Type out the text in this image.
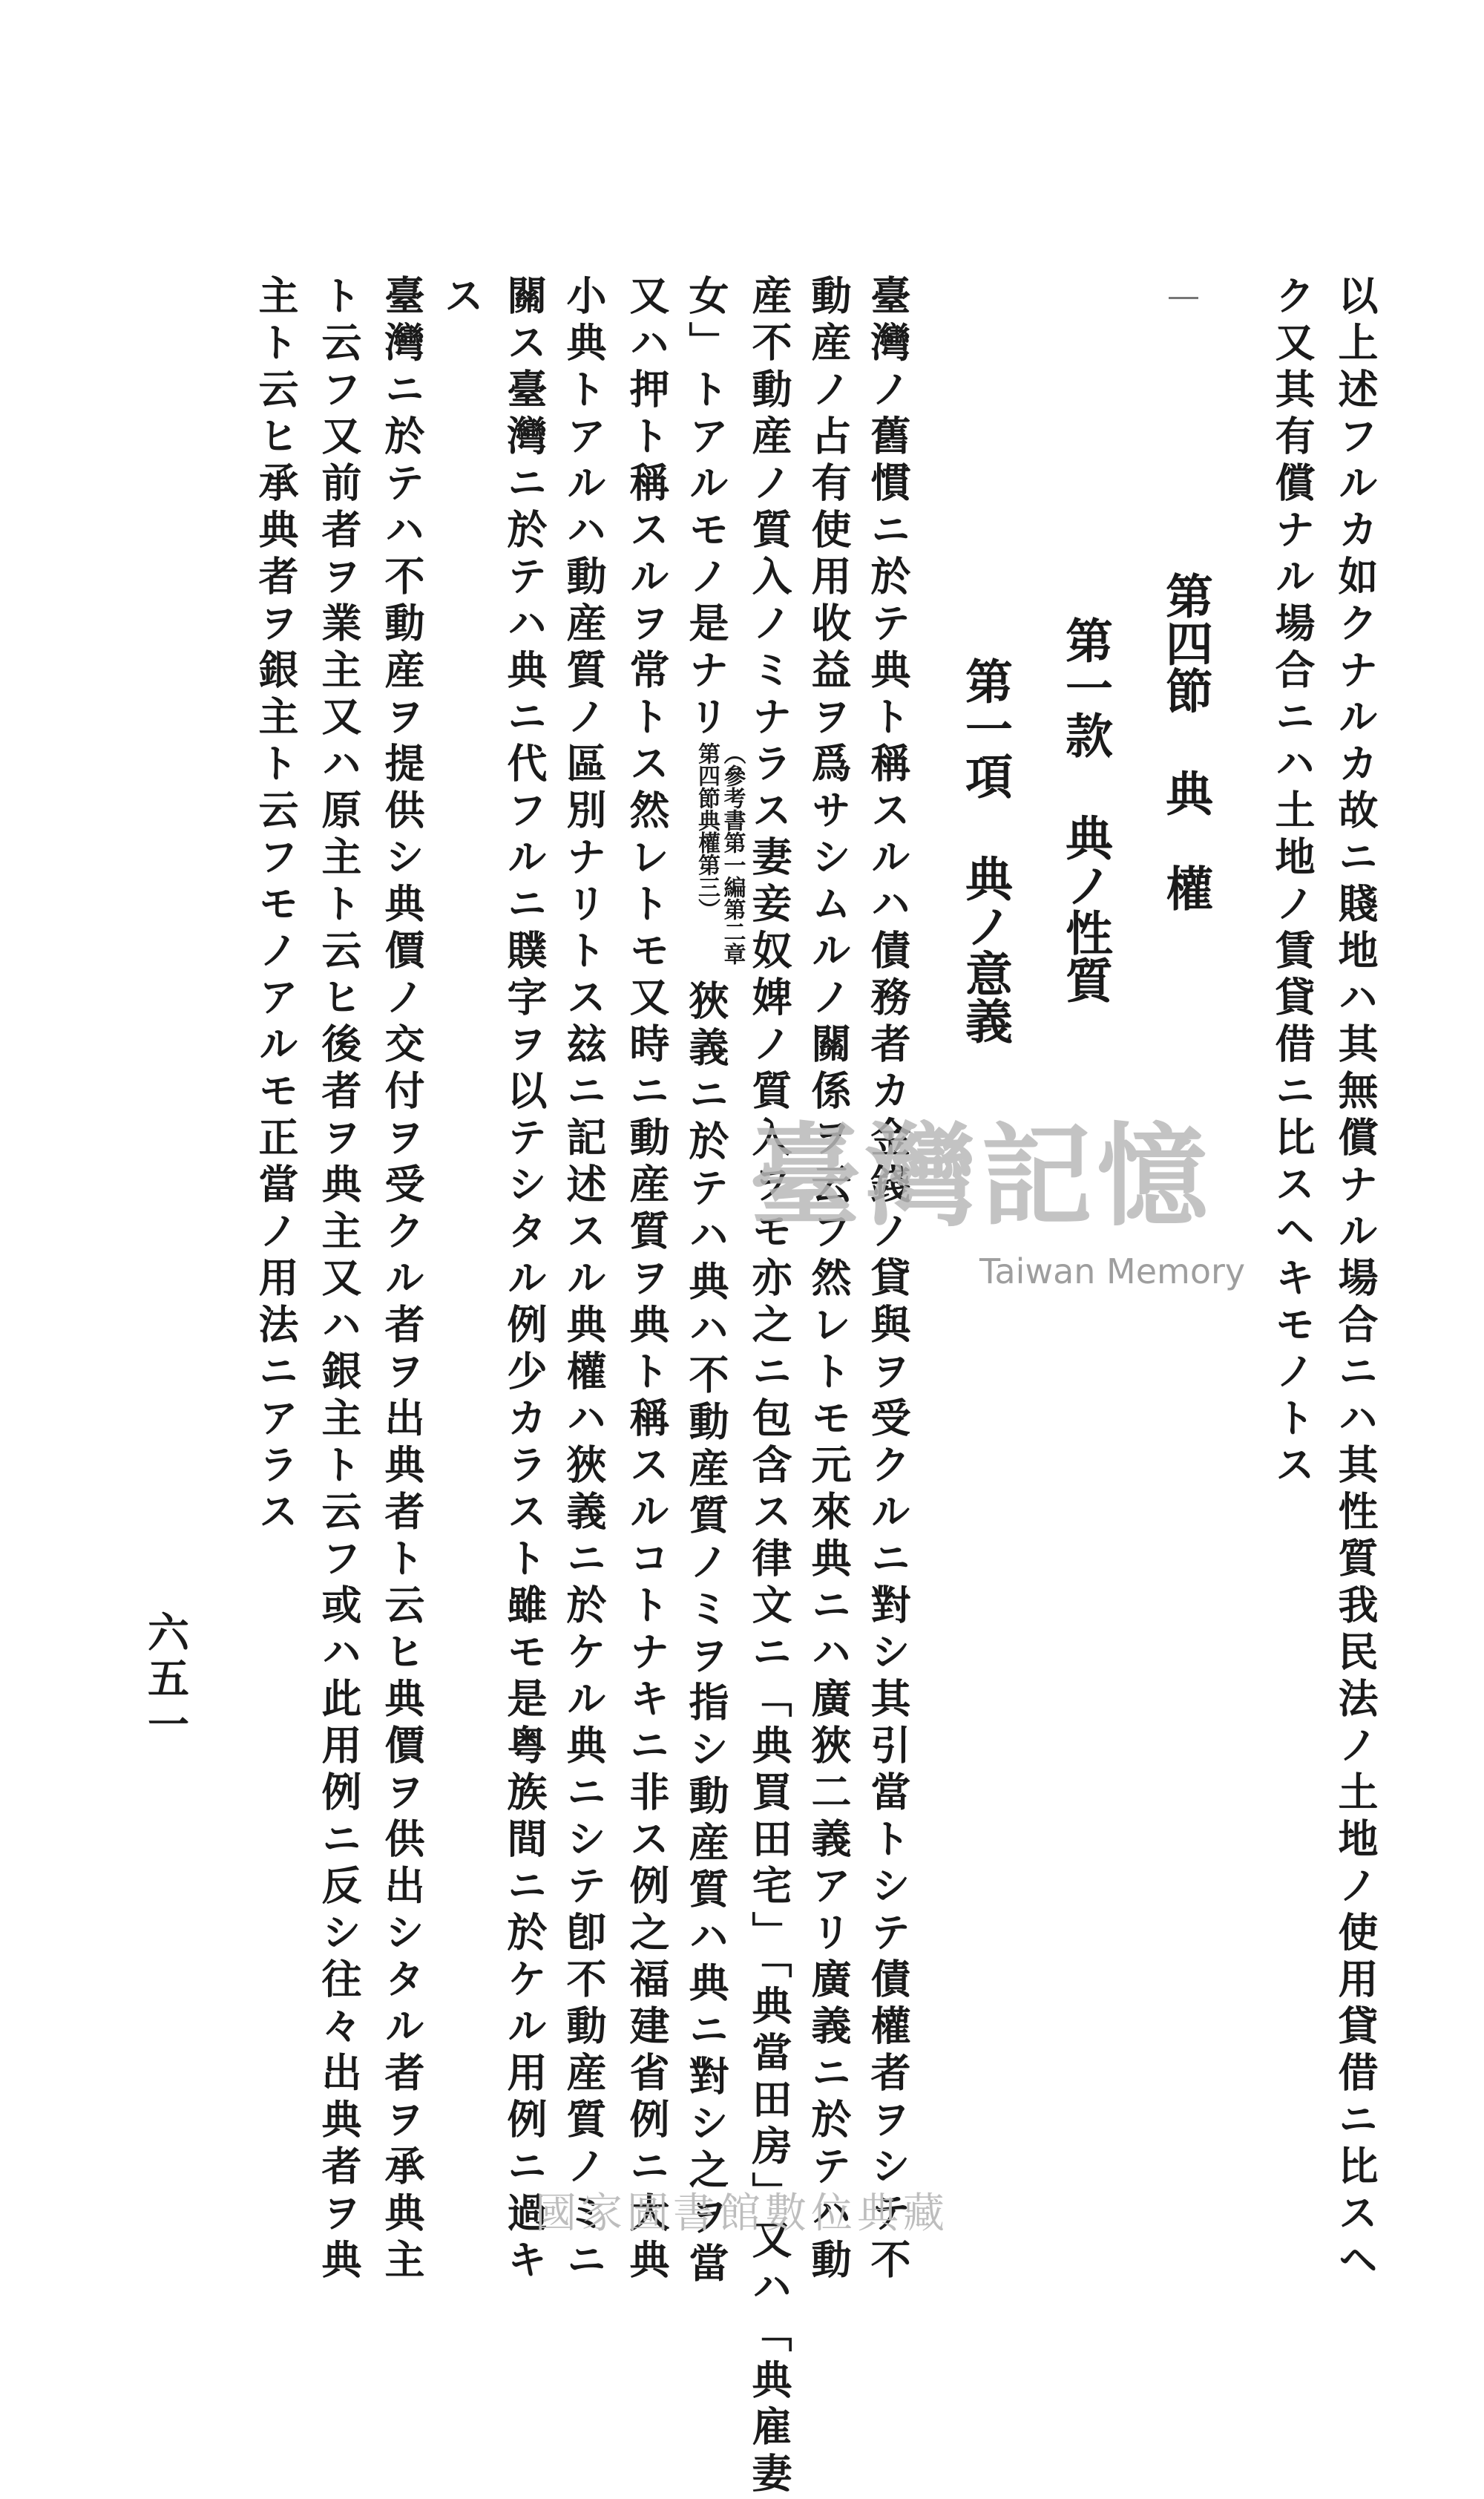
以上述フルカ如クナルカ故ニ賤地ハ其無償ナル場合ニハ其性質我民法ノ土地ノ使用貸借ニ比スヘ
ク又其有償ナル場合ニハ土地ノ賃貸借ニ比スヘキモノトス
第四節 典　權
第一款 典ノ性質
第一項 典ノ意義
臺灣ノ舊慣ニ於テ典ト稱スルハ債務者カ金錢ノ貸與ヲ受クルニ對シ其引當トシテ債權者ヲシテ不
動産ノ占有使用收益ヲ爲サシムルノ關係ヲ云フ然レトモ元來典ニハ廣狹二義アリ廣義ニ於テハ動
産不動産ノ質入ノミナラス妻妾奴婢ノ質入ヲモ亦之ニ包含ス律文ニ「典買田宅」「典當田房」又ハ「典雇妻
女」トアルモノ是ナリ（參考書第一編第二章第四節典權第三）狹義ニ於テハ典ハ不動産質ノミヲ指シ動産質ハ典ニ對シ之ヲ當
又ハ押ト稱スルヲ常トス然レトモ又時ニ動産質ヲ典ト稱スルコトナキニ非ス例之福建省例ニ大典
小典トアルハ動産質ノ區別ナリトス玆ニ記述スル典權ハ狹義ニ於ケル典ニシテ卽不動産質ノミニ
關ス臺灣ニ於テハ典ニ代フルニ贌字ヲ以テシタル例少カラスト雖モ是粤族間ニ於ケル用例ニ過キ
ス
臺灣ニ於テハ不動産ヲ提供シ典價ノ交付ヲ受クル者ヲ出典者ト云ヒ典價ヲ供出シタル者ヲ承典主
ト云フ又前者ヲ業主又ハ原主ト云ヒ後者ヲ典主又ハ銀主ト云フ或ハ此用例ニ反シ往々出典者ヲ典
主ト云ヒ承典者ヲ銀主ト云フモノアルモ正當ノ用法ニアラス
六五一
臺灣記憶
Taiwan Memory
國家圖書館數位典藏
